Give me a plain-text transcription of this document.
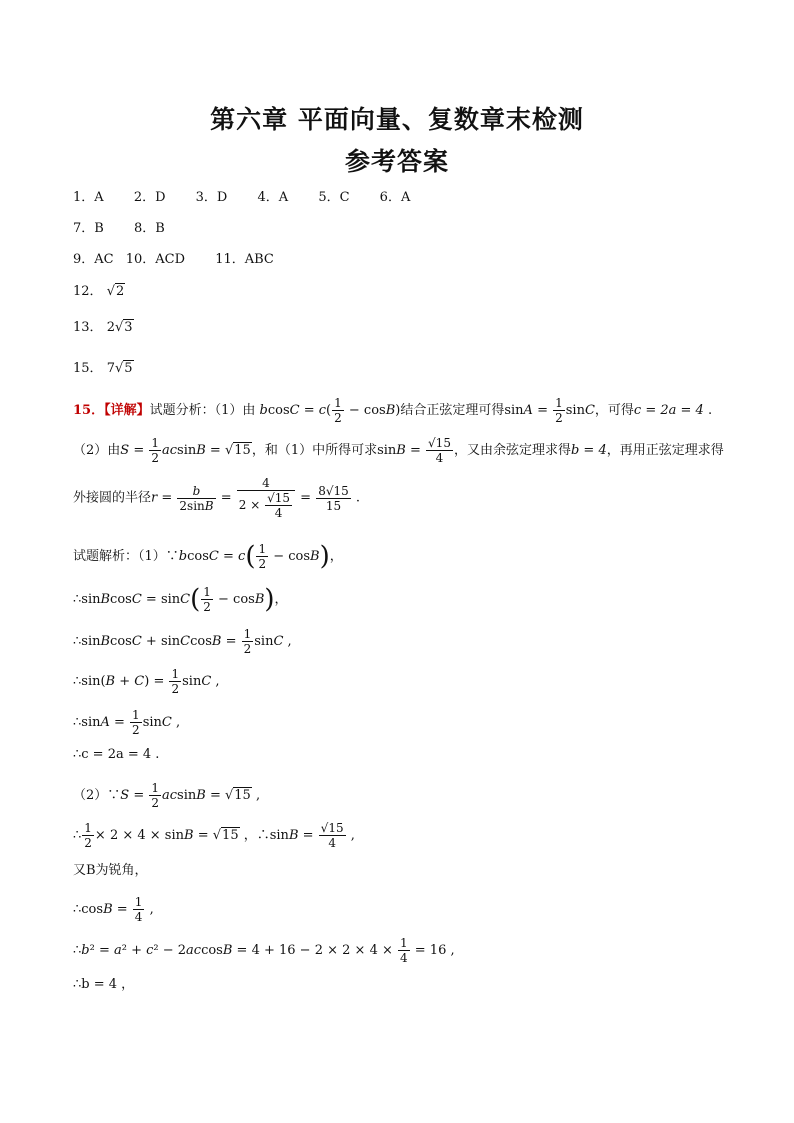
第六章 平面向量、复数章末检测
参考答案
1．A 2．D 3．D 4．A 5．C 6．A
7．B 8．B
9．AC 10．ACD 11．ABC
12． √2
13． 2√3
15． 7√5
15．【详解】试题分析：（1）由 $bcosC = c( \frac{1}{2} - \cos B)$结合正弦定理可得$\sin A = \frac{1}{2}$ sinC，可得c = 2a = 4 .
（2）由$S = \frac{1}{2}$ acsinB = √15，和（1）中所得可求$\sin B = \frac{√15}{4}$ ，又由余弦定理求得b = 4，再用正弦定理求得
外接圆的半径$r = \frac{b}{2\sin B} = \frac{4}{2 \times \frac{√15}{4}} = \frac{8√15}{15}$ .
试题解析：（1）∵bcosC = $c( \frac{1}{2} - \cos B)$，
∴sinBcosC = $\sin C( \frac{1}{2} - \cos B)$，
∴sinBcosC + sinCcosB = $\frac{1}{2}$ sinC ,
∴sin(B + $C) = \frac{1}{2}$ sinC ,
∴sinA = $\frac{1}{2}$ sinC ,
∴c = 2a = 4 .
（2）∵S = $\frac{1}{2}$ acsinB = √15 ,
∴ $\frac{1}{2} \times 2 \times 4 \times \sin B = √15$ ，∴sinB = $\frac{√15}{4}$ ,
又B为锐角，
∴cosB = $\frac{1}{4}$ ,
∴b² = $a^2 + c^2 - 2accosB = 4 + 16 - 2 \times 2 \times 4 \times \frac{1}{4} = 16$ ,
∴b = 4 ，
